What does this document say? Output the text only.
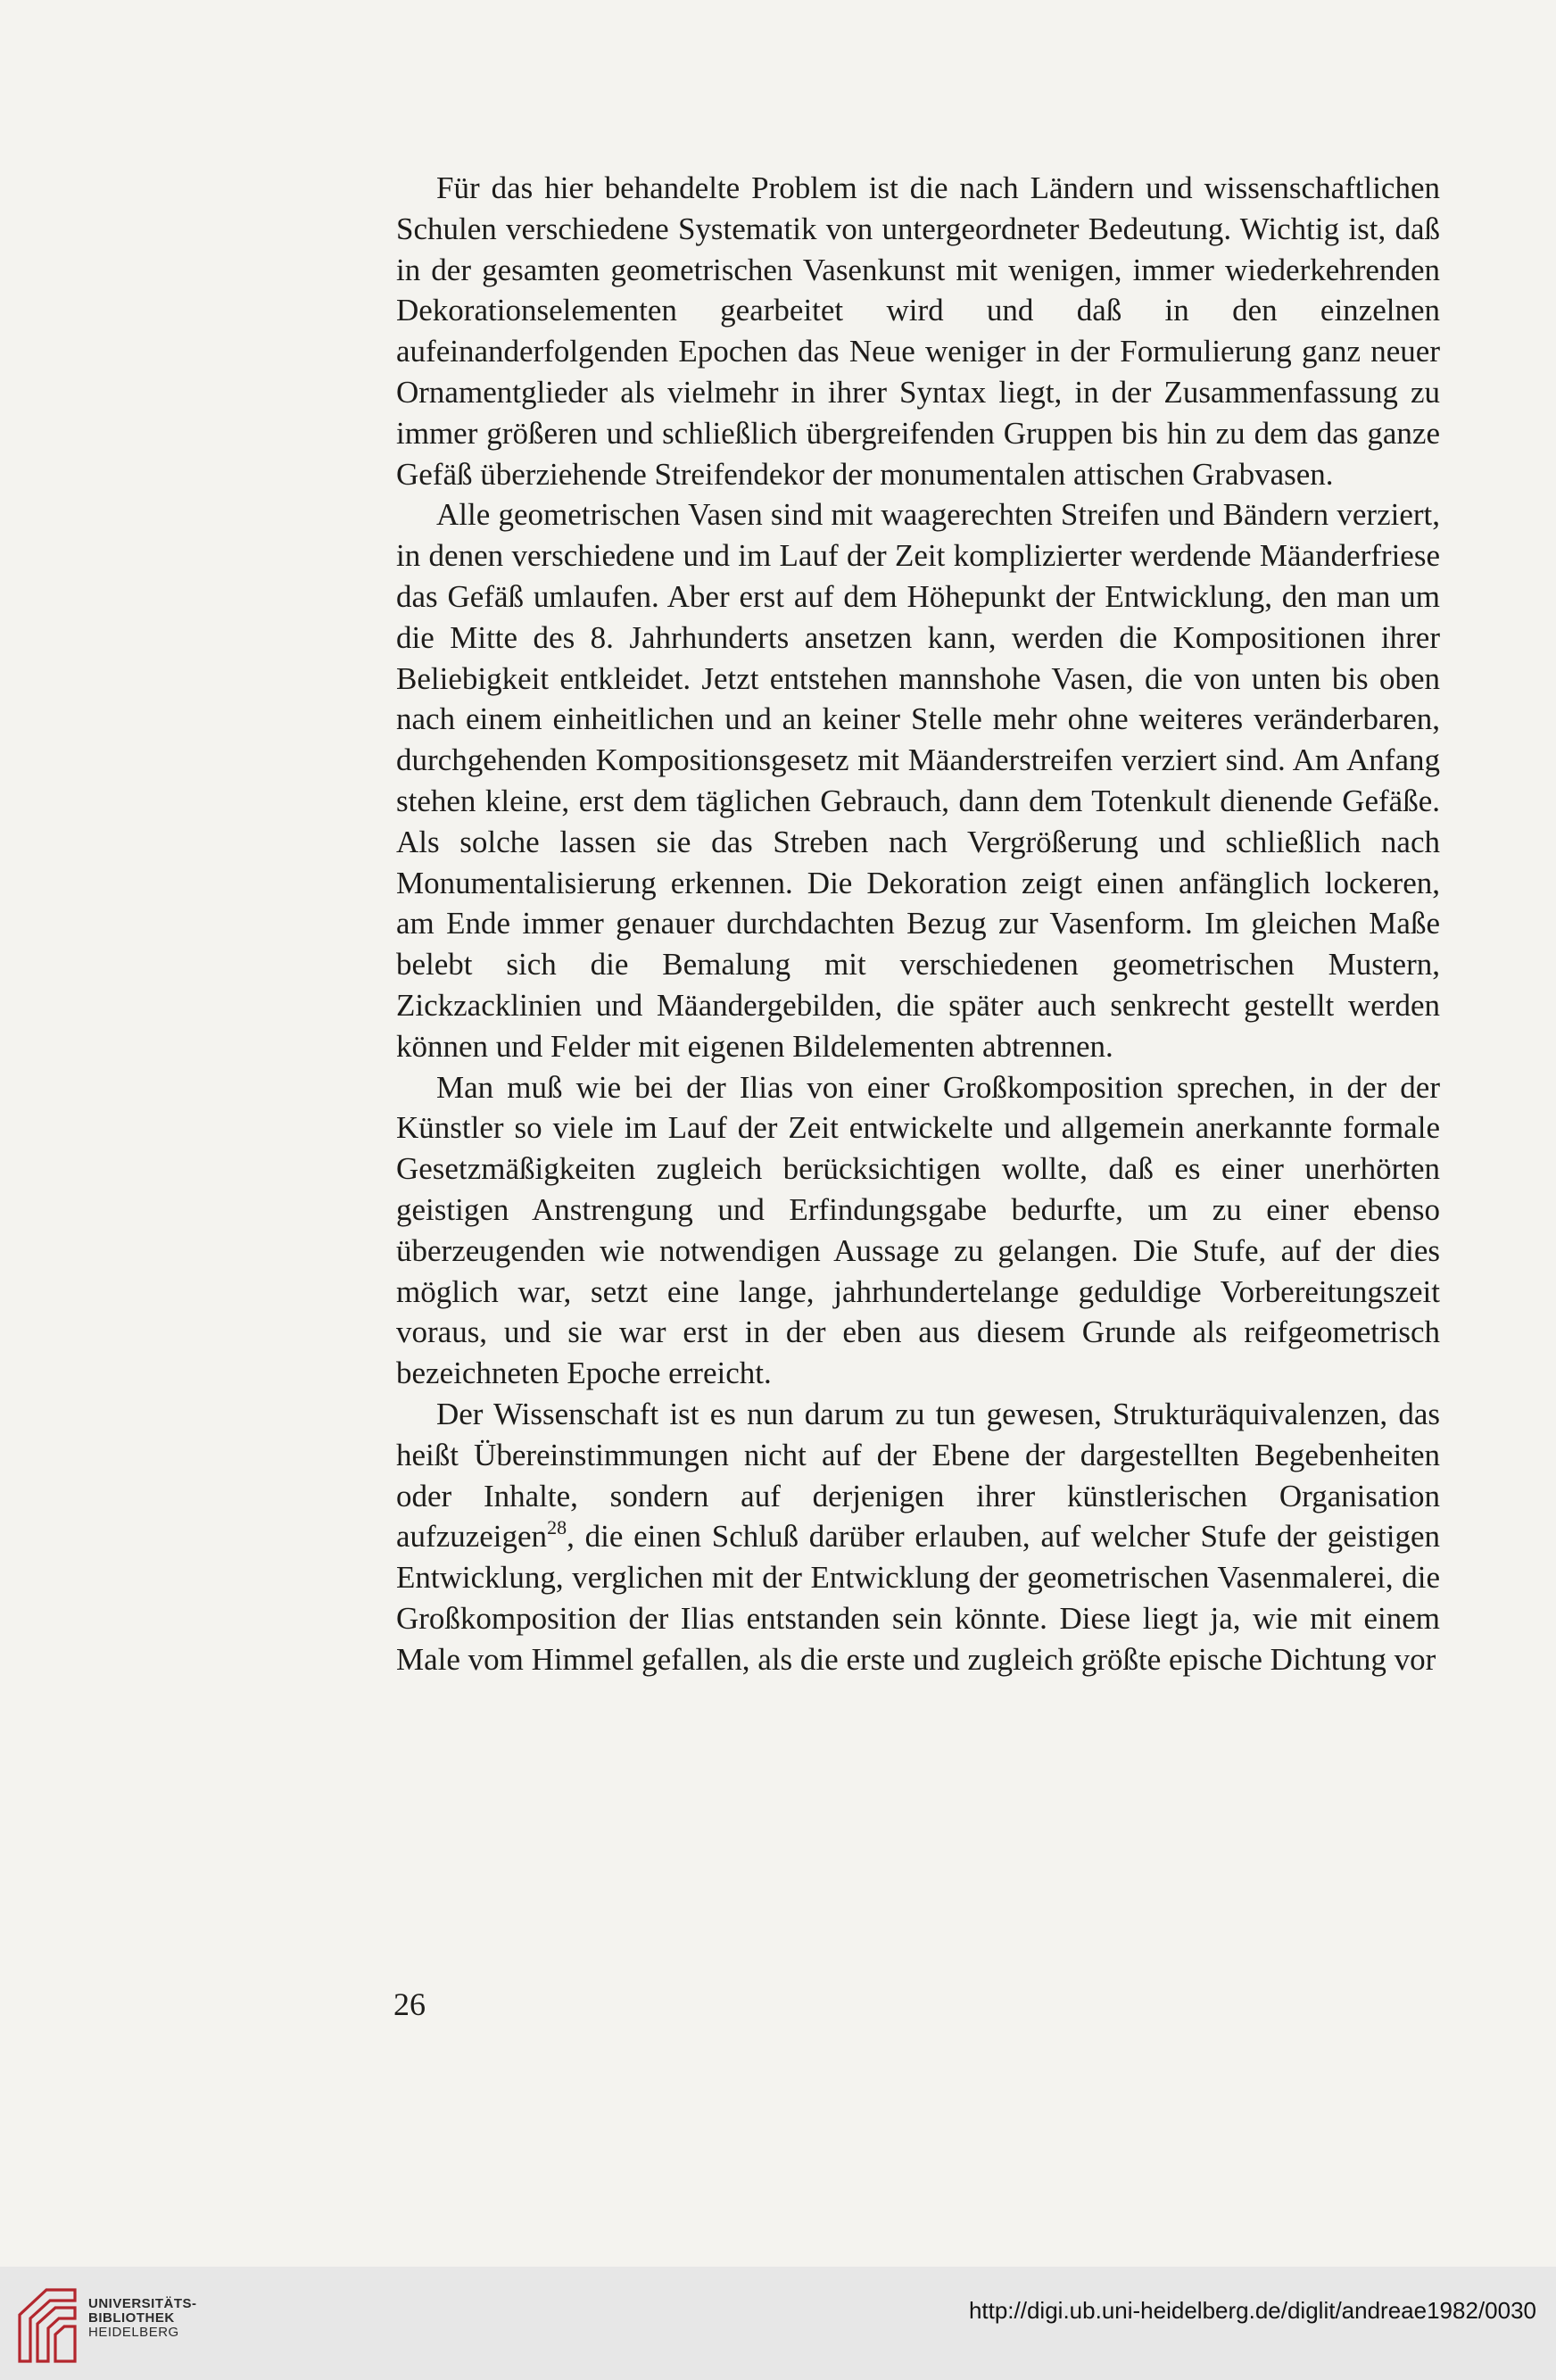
Für das hier behandelte Problem ist die nach Ländern und wissenschaftlichen Schulen verschiedene Systematik von untergeordneter Bedeutung. Wichtig ist, daß in der gesamten geometrischen Vasenkunst mit wenigen, immer wiederkehrenden Dekorationselementen gearbeitet wird und daß in den einzelnen aufeinanderfolgenden Epochen das Neue weniger in der Formulierung ganz neuer Ornamentglieder als vielmehr in ihrer Syntax liegt, in der Zusammenfassung zu immer größeren und schließlich übergreifenden Gruppen bis hin zu dem das ganze Gefäß überziehende Streifendekor der monumentalen attischen Grabvasen.

Alle geometrischen Vasen sind mit waagerechten Streifen und Bändern verziert, in denen verschiedene und im Lauf der Zeit komplizierter werdende Mäanderfriese das Gefäß umlaufen. Aber erst auf dem Höhepunkt der Entwicklung, den man um die Mitte des 8. Jahrhunderts ansetzen kann, werden die Kompositionen ihrer Beliebigkeit entkleidet. Jetzt entstehen mannshohe Vasen, die von unten bis oben nach einem einheitlichen und an keiner Stelle mehr ohne weiteres veränderbaren, durchgehenden Kompositionsgesetz mit Mäanderstreifen verziert sind. Am Anfang stehen kleine, erst dem täglichen Gebrauch, dann dem Totenkult dienende Gefäße. Als solche lassen sie das Streben nach Vergrößerung und schließlich nach Monumentalisierung erkennen. Die Dekoration zeigt einen anfänglich lockeren, am Ende immer genauer durchdachten Bezug zur Vasenform. Im gleichen Maße belebt sich die Bemalung mit verschiedenen geometrischen Mustern, Zickzacklinien und Mäandergebilden, die später auch senkrecht gestellt werden können und Felder mit eigenen Bildelementen abtrennen.

Man muß wie bei der Ilias von einer Großkomposition sprechen, in der der Künstler so viele im Lauf der Zeit entwickelte und allgemein anerkannte formale Gesetzmäßigkeiten zugleich berücksichtigen wollte, daß es einer unerhörten geistigen Anstrengung und Erfindungsgabe bedurfte, um zu einer ebenso überzeugenden wie notwendigen Aussage zu gelangen. Die Stufe, auf der dies möglich war, setzt eine lange, jahrhundertelange geduldige Vorbereitungszeit voraus, und sie war erst in der eben aus diesem Grunde als reifgeometrisch bezeichneten Epoche erreicht.

Der Wissenschaft ist es nun darum zu tun gewesen, Strukturäquivalenzen, das heißt Übereinstimmungen nicht auf der Ebene der dargestellten Begebenheiten oder Inhalte, sondern auf derjenigen ihrer künstlerischen Organisation aufzuzeigen$^{28}$, die einen Schluß darüber erlauben, auf welcher Stufe der geistigen Entwicklung, verglichen mit der Entwicklung der geometrischen Vasenmalerei, die Großkomposition der Ilias entstanden sein könnte. Diese liegt ja, wie mit einem Male vom Himmel gefallen, als die erste und zugleich größte epische Dichtung vor

26
UNIVERSITÄTS-
BIBLIOTHEK
HEIDELBERG
http://digi.ub.uni-heidelberg.de/diglit/andreae1982/0030
